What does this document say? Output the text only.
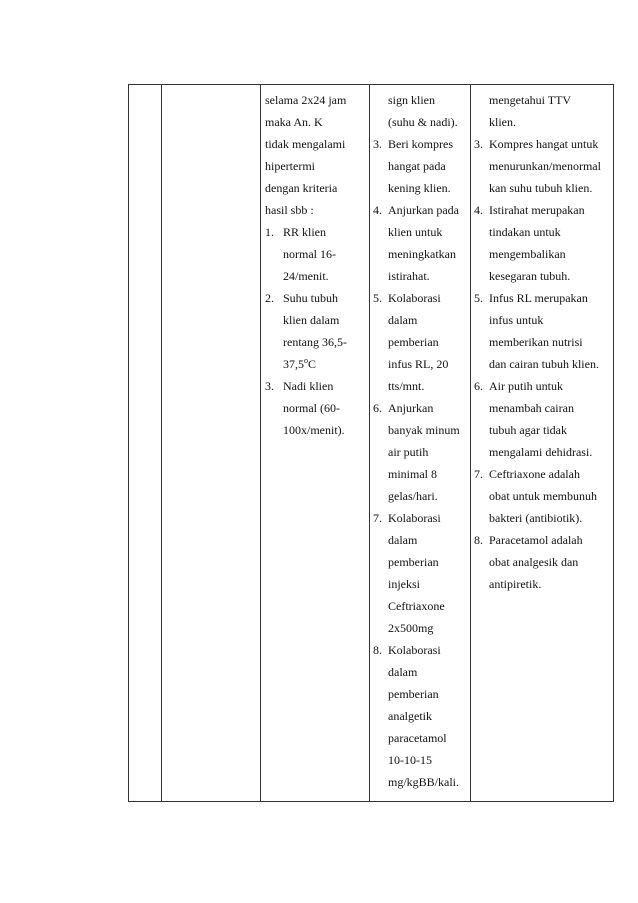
selama 2x24 jam
maka An. K
tidak mengalami
hipertermi
dengan kriteria
hasil sbb :
1. RR klien
normal 16-
24/menit.
2. Suhu tubuh
klien dalam
rentang 36,5-
37,5$^o$C
3. Nadi klien
normal (60-
100x/menit).

sign klien
(suhu & nadi).
3. Beri kompres
hangat pada
kening klien.
4. Anjurkan pada
klien untuk
meningkatkan
istirahat.
5. Kolaborasi
dalam
pemberian
infus RL, 20
tts/mnt.
6. Anjurkan
banyak minum
air putih
minimal 8
gelas/hari.
7. Kolaborasi
dalam
pemberian
injeksi
Ceftriaxone
2x500mg
8. Kolaborasi
dalam
pemberian
analgetik
paracetamol
10-10-15
mg/kgBB/kali.

mengetahui TTV
klien.
3. Kompres hangat untuk
menurunkan/menormal
kan suhu tubuh klien.
4. Istirahat merupakan
tindakan untuk
mengembalikan
kesegaran tubuh.
5. Infus RL merupakan
infus untuk
memberikan nutrisi
dan cairan tubuh klien.
6. Air putih untuk
menambah cairan
tubuh agar tidak
mengalami dehidrasi.
7. Ceftriaxone adalah
obat untuk membunuh
bakteri (antibiotik).
8. Paracetamol adalah
obat analgesik dan
antipiretik.
